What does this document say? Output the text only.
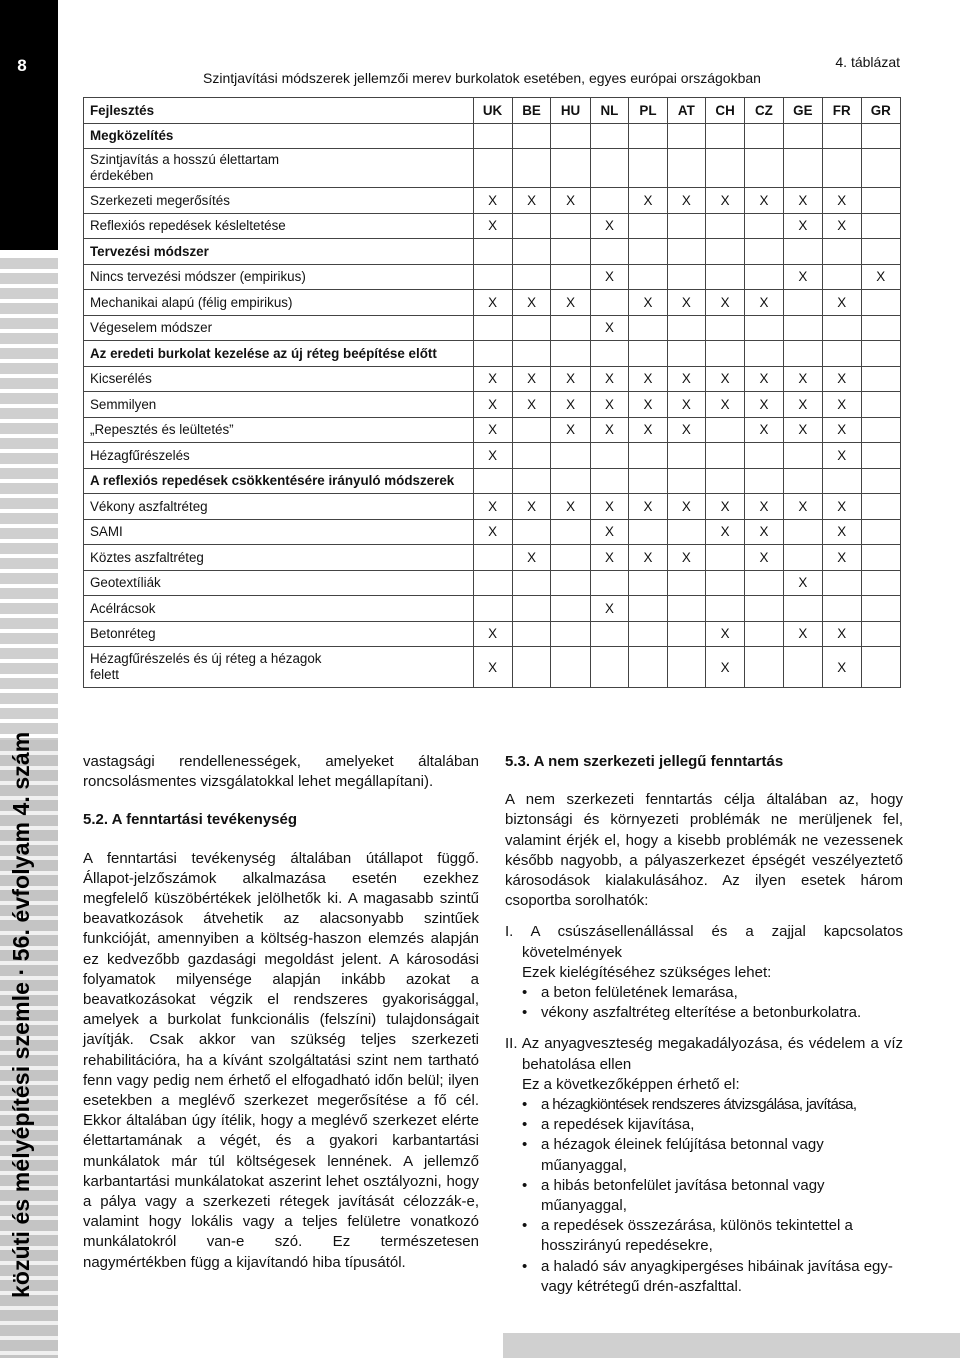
8
közúti és mélyépítési szemle · 56. évfolyam 4. szám
4. táblázat
Szintjavítási módszerek jellemzői merev burkolatok esetében, egyes európai országokban
Fejlesztés	UK	BE	HU	NL	PL	AT	CH	CZ	GE	FR	GR
Megközelítés											
Szintjavítás a hosszú élettartam érdekében											
Szerkezeti megerősítés	X	X	X		X	X	X	X	X	X	
Reflexiós repedések késleltetése	X			X					X	X	
Tervezési módszer											
Nincs tervezési módszer (empirikus)				X					X		X
Mechanikai alapú (félig empirikus)	X	X	X		X	X	X	X		X	
Végeselem módszer				X							
Az eredeti burkolat kezelése az új réteg beépítése előtt											
Kicserélés	X	X	X	X	X	X	X	X	X	X	
Semmilyen	X	X	X	X	X	X	X	X	X	X	
„Repesztés és leültetés”	X		X	X	X	X		X	X	X	
Hézagfűrészelés	X									X	
A reflexiós repedések csökkentésére irányuló módszerek											
Vékony aszfaltréteg	X	X	X	X	X	X	X	X	X	X	
SAMI	X			X			X	X		X	
Köztes aszfaltréteg		X		X	X	X		X		X	
Geotextíliák									X		
Acélrácsok				X							
Betonréteg	X						X		X	X	
Hézagfűrészelés és új réteg a hézagok felett	X						X			X	

vastagsági rendellenességek, amelyeket általában roncsolásmentes vizsgálatokkal lehet megállapítani).

5.2. A fenntartási tevékenység

A fenntartási tevékenység általában útállapot függő. Állapot-jelzőszámok alkalmazása esetén ezekhez megfelelő küszöbértékek jelölhetők ki. A magasabb szintű beavatkozások átvehetik az alacsonyabb szintűek funkcióját, amennyiben a költség-haszon elemzés alapján ez kedvezőbb gazdasági megoldást jelent. A károsodási folyamatok milyensége alapján inkább azokat a beavatkozásokat végzik el rendszeres gyakorisággal, amelyek a burkolat funkcionális (felszíni) tulajdonságait javítják. Csak akkor van szükség teljes szerkezeti rehabilitációra, ha a kívánt szolgáltatási szint nem tartható fenn vagy pedig nem érhető el elfogadható időn belül; ilyen esetekben a meglévő szerkezet megerősítése a fő cél. Ekkor általában úgy ítélik, hogy a meglévő szerkezet elérte élettartamának a végét, és a gyakori karbantartási munkálatok már túl költségesek lennének. A jellemző karbantartási munkálatokat aszerint lehet osztályozni, hogy a pálya vagy a szerkezeti rétegek javítását célozzák-e, valamint hogy lokális vagy a teljes felületre vonatkozó munkálatokról van-e szó. Ez természetesen nagymértékben függ a kijavítandó hiba típusától.

5.3. A nem szerkezeti jellegű fenntartás

A nem szerkezeti fenntartás célja általában az, hogy biztonsági és környezeti problémák ne merüljenek fel, valamint érjék el, hogy a kisebb problémák ne vezessenek később nagyobb, a pályaszerkezet épségét veszélyeztető károsodások kialakulásához. Az ilyen esetek három csoportba sorolhatók:

I. A csúszásellenállással és a zajjal kapcsolatos követelmények

Ezek kielégítéséhez szükséges lehet:

• a beton felületének lemarása,
• vékony aszfaltréteg elterítése a betonburkolatra.

II. Az anyagveszteség megakadályozása, és védelem a víz behatolása ellen

Ez a következőképpen érhető el:

• a hézagkiöntések rendszeres átvizsgálása, javítása,
• a repedések kijavítása,
• a hézagok éleinek felújítása betonnal vagy műanyaggal,
• a hibás betonfelület javítása betonnal vagy műanyaggal,
• a repedések összezárása, különös tekintettel a hosszirányú repedésekre,
• a haladó sáv anyagkipergéses hibáinak javítása egy- vagy kétrétegű drén-aszfalttal.
